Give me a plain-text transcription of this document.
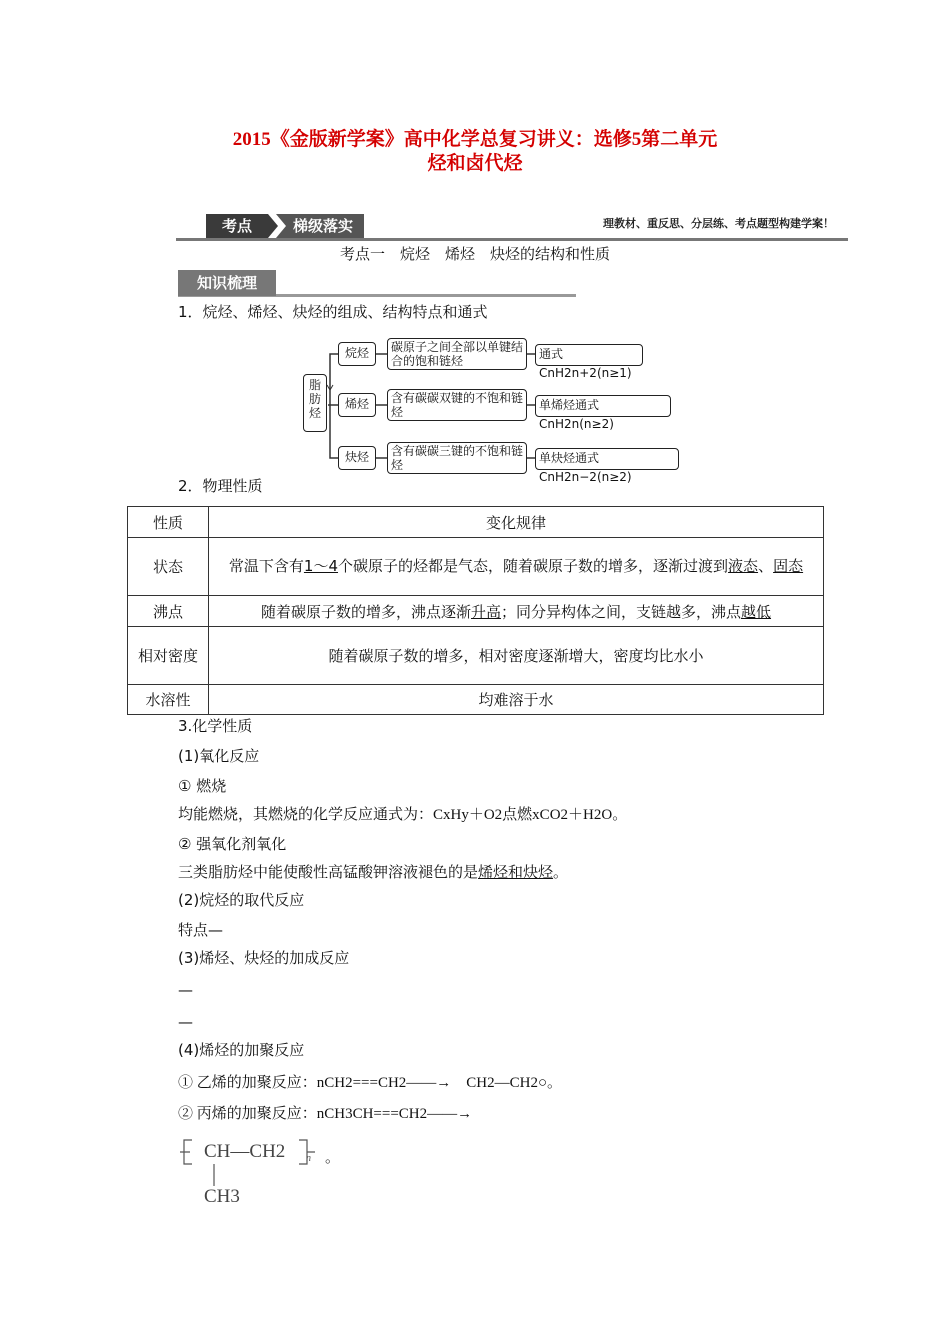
2015《金版新学案》高中化学总复习讲义：选修5第二单元
烃和卤代烃
考点	梯级落实	理教材、重反思、分层练、考点题型构建学案！
考点一　烷烃　烯烃　炔烃的结构和性质
知识梳理
1．烷烃、烯烃、炔烃的组成、结构特点和通式
脂肪烃
烷烃	碳原子之间全部以单键结合的饱和链烃	通式CnH2n+2(n≥1)
烯烃	含有碳碳双键的不饱和链烃	单烯烃通式CnH2n(n≥2)
炔烃	含有碳碳三键的不饱和链烃	单炔烃通式CnH2n−2(n≥2)
2．物理性质
性质	变化规律
状态	常温下含有1～4个碳原子的烃都是气态，随着碳原子数的增多，逐渐过渡到液态、固态
沸点	随着碳原子数的增多，沸点逐渐升高；同分异构体之间，支链越多，沸点越低
相对密度	随着碳原子数的增多，相对密度逐渐增大，密度均比水小
水溶性	均难溶于水
3.化学性质
(1)氧化反应
① 燃烧
均能燃烧，其燃烧的化学反应通式为：CxHy＋O2点燃xCO2＋H2O。
② 强氧化剂氧化
三类脂肪烃中能使酸性高锰酸钾溶液褪色的是烯烃和炔烃。
(2)烷烃的取代反应
特点—
(3)烯烃、炔烃的加成反应
—
—
(4)烯烃的加聚反应
① 乙烯的加聚反应：nCH2===CH2――→　CH2—CH2○。
② 丙烯的加聚反应：nCH3CH===CH2――→
CH—CH2 n 。
CH3
